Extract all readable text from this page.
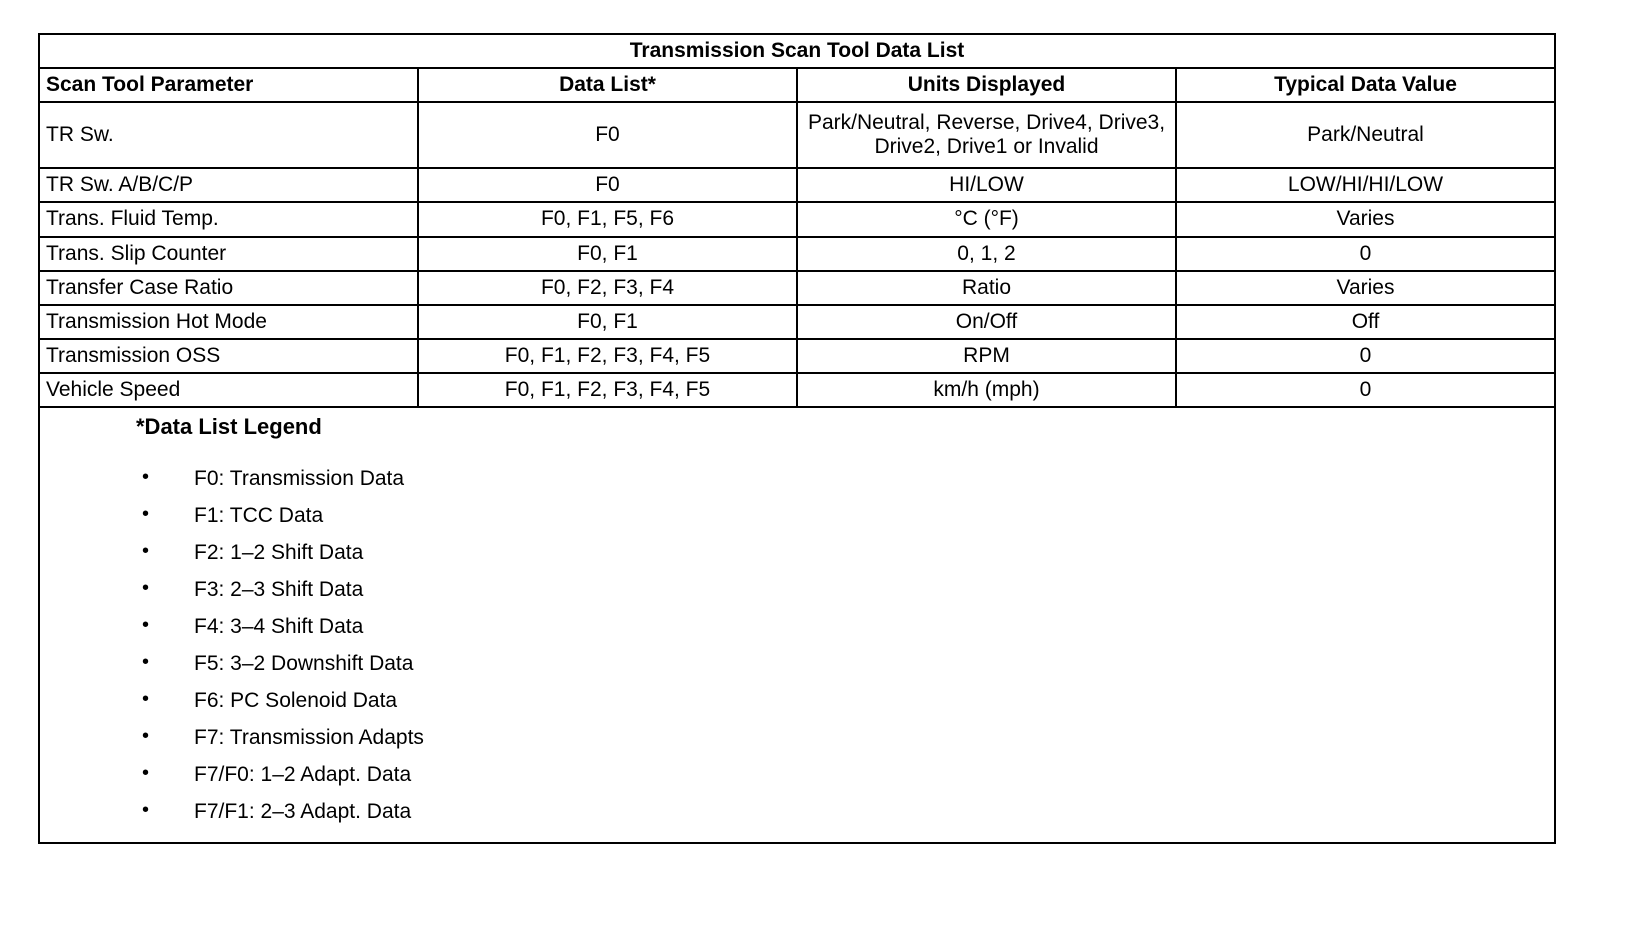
Transmission Scan Tool Data List			
Scan Tool Parameter	Data List*	Units Displayed	Typical Data Value
TR Sw.	F0	Park/Neutral, Reverse, Drive4, Drive3, Drive2, Drive1 or Invalid	Park/Neutral
TR Sw. A/B/C/P	F0	HI/LOW	LOW/HI/HI/LOW
Trans. Fluid Temp.	F0, F1, F5, F6	°C (°F)	Varies
Trans. Slip Counter	F0, F1	0, 1, 2	0
Transfer Case Ratio	F0, F2, F3, F4	Ratio	Varies
Transmission Hot Mode	F0, F1	On/Off	Off
Transmission OSS	F0, F1, F2, F3, F4, F5	RPM	0
Vehicle Speed	F0, F1, F2, F3, F4, F5	km/h (mph)	0

*Data List Legend
• F0: Transmission Data
• F1: TCC Data
• F2: 1–2 Shift Data
• F3: 2–3 Shift Data
• F4: 3–4 Shift Data
• F5: 3–2 Downshift Data
• F6: PC Solenoid Data
• F7: Transmission Adapts
• F7/F0: 1–2 Adapt. Data
• F7/F1: 2–3 Adapt. Data
